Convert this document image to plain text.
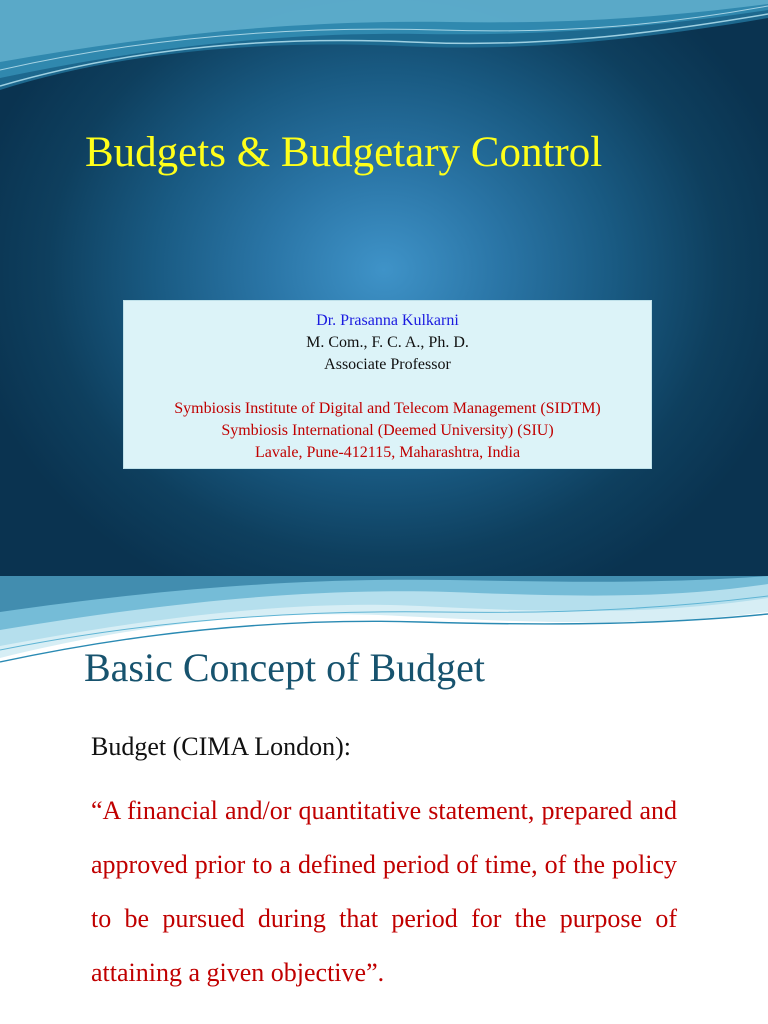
Budgets & Budgetary Control
Dr. Prasanna Kulkarni
M. Com., F. C. A., Ph. D.
Associate Professor
Symbiosis Institute of Digital and Telecom Management (SIDTM)
Symbiosis International (Deemed University) (SIU)
Lavale, Pune-412115, Maharashtra, India
Basic Concept of Budget

Budget (CIMA London):

“A financial and/or quantitative statement, prepared and approved prior to a defined period of time, of the policy to be pursued during that period for the purpose of attaining a given objective”.
